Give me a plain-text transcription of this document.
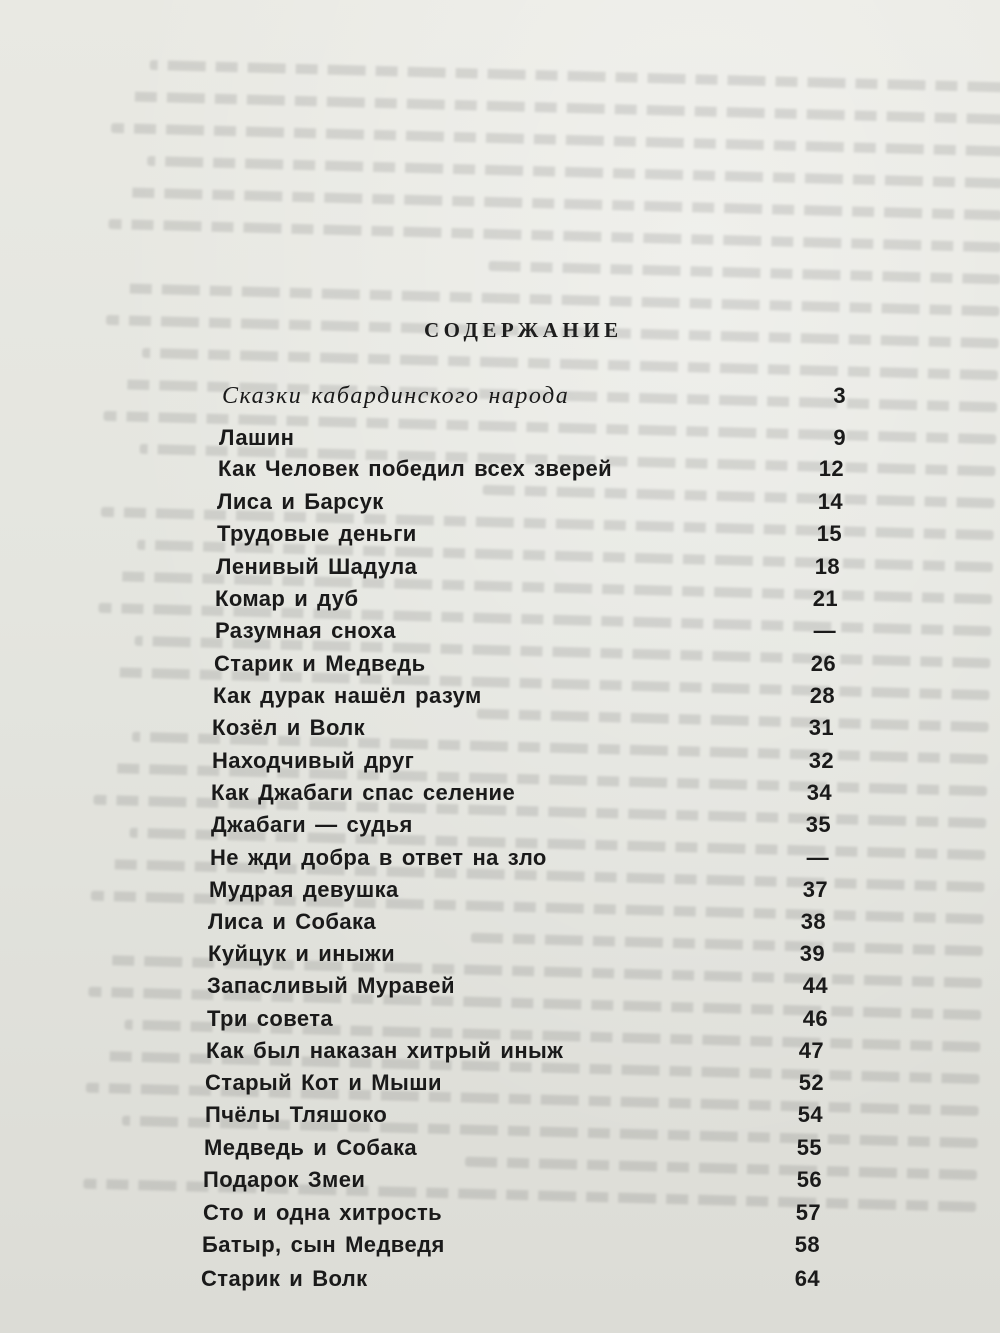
СОДЕРЖАНИЕ
Сказки кабардинского народа	3
Лашин	9
Как Человек победил всех зверей	12
Лиса и Барсук	14
Трудовые деньги	15
Ленивый Шадула	18
Комар и дуб	21
Разумная сноха	—
Старик и Медведь	26
Как дурак нашёл разум	28
Козёл и Волк	31
Находчивый друг	32
Как Джабаги спас селение	34
Джабаги — судья	35
Не жди добра в ответ на зло	—
Мудрая девушка	37
Лиса и Собака	38
Куйцук и иныжи	39
Запасливый Муравей	44
Три совета	46
Как был наказан хитрый иныж	47
Старый Кот и Мыши	52
Пчёлы Тляшоко	54
Медведь и Собака	55
Подарок Змеи	56
Сто и одна хитрость	57
Батыр, сын Медведя	58
Старик и Волк	64
